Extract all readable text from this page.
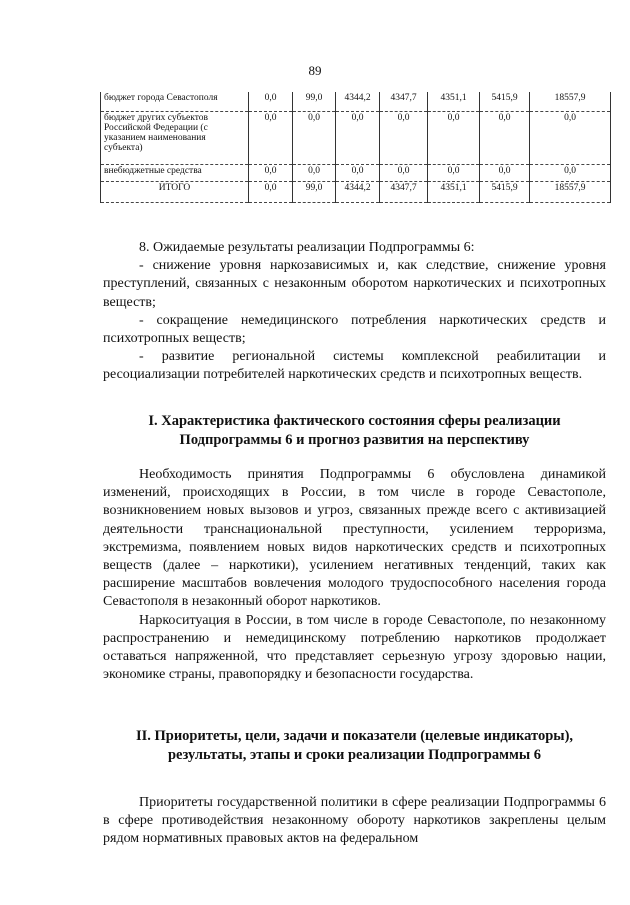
89
бюджет города Севастополя	0,0	99,0	4344,2	4347,7	4351,1	5415,9	18557,9
бюджет других субъектов Российской Федерации (с указанием наименования субъекта)	0,0	0,0	0,0	0,0	0,0	0,0	0,0
внебюджетные средства	0,0	0,0	0,0	0,0	0,0	0,0	0,0
ИТОГО	0,0	99,0	4344,2	4347,7	4351,1	5415,9	18557,9

8. Ожидаемые результаты реализации Подпрограммы 6:

- снижение уровня наркозависимых и, как следствие, снижение уровня преступлений, связанных с незаконным оборотом наркотических и психотропных веществ;

- сокращение немедицинского потребления наркотических средств и психотропных веществ;

- развитие региональной системы комплексной реабилитации и ресоциализации потребителей наркотических средств и психотропных веществ.

I. Характеристика фактического состояния сферы реализации Подпрограммы 6 и прогноз развития на перспективу

Необходимость принятия Подпрограммы 6 обусловлена динамикой изменений, происходящих в России, в том числе в городе Севастополе, возникновением новых вызовов и угроз, связанных прежде всего с активизацией деятельности транснациональной преступности, усилением терроризма, экстремизма, появлением новых видов наркотических средств и психотропных веществ (далее – наркотики), усилением негативных тенденций, таких как расширение масштабов вовлечения молодого трудоспособного населения города Севастополя в незаконный оборот наркотиков.

Наркоситуация в России, в том числе в городе Севастополе, по незаконному распространению и немедицинскому потреблению наркотиков продолжает оставаться напряженной, что представляет серьезную угрозу здоровью нации, экономике страны, правопорядку и безопасности государства.

II. Приоритеты, цели, задачи и показатели (целевые индикаторы), результаты, этапы и сроки реализации Подпрограммы 6

Приоритеты государственной политики в сфере реализации Подпрограммы 6 в сфере противодействия незаконному обороту наркотиков закреплены целым рядом нормативных правовых актов на федеральном
